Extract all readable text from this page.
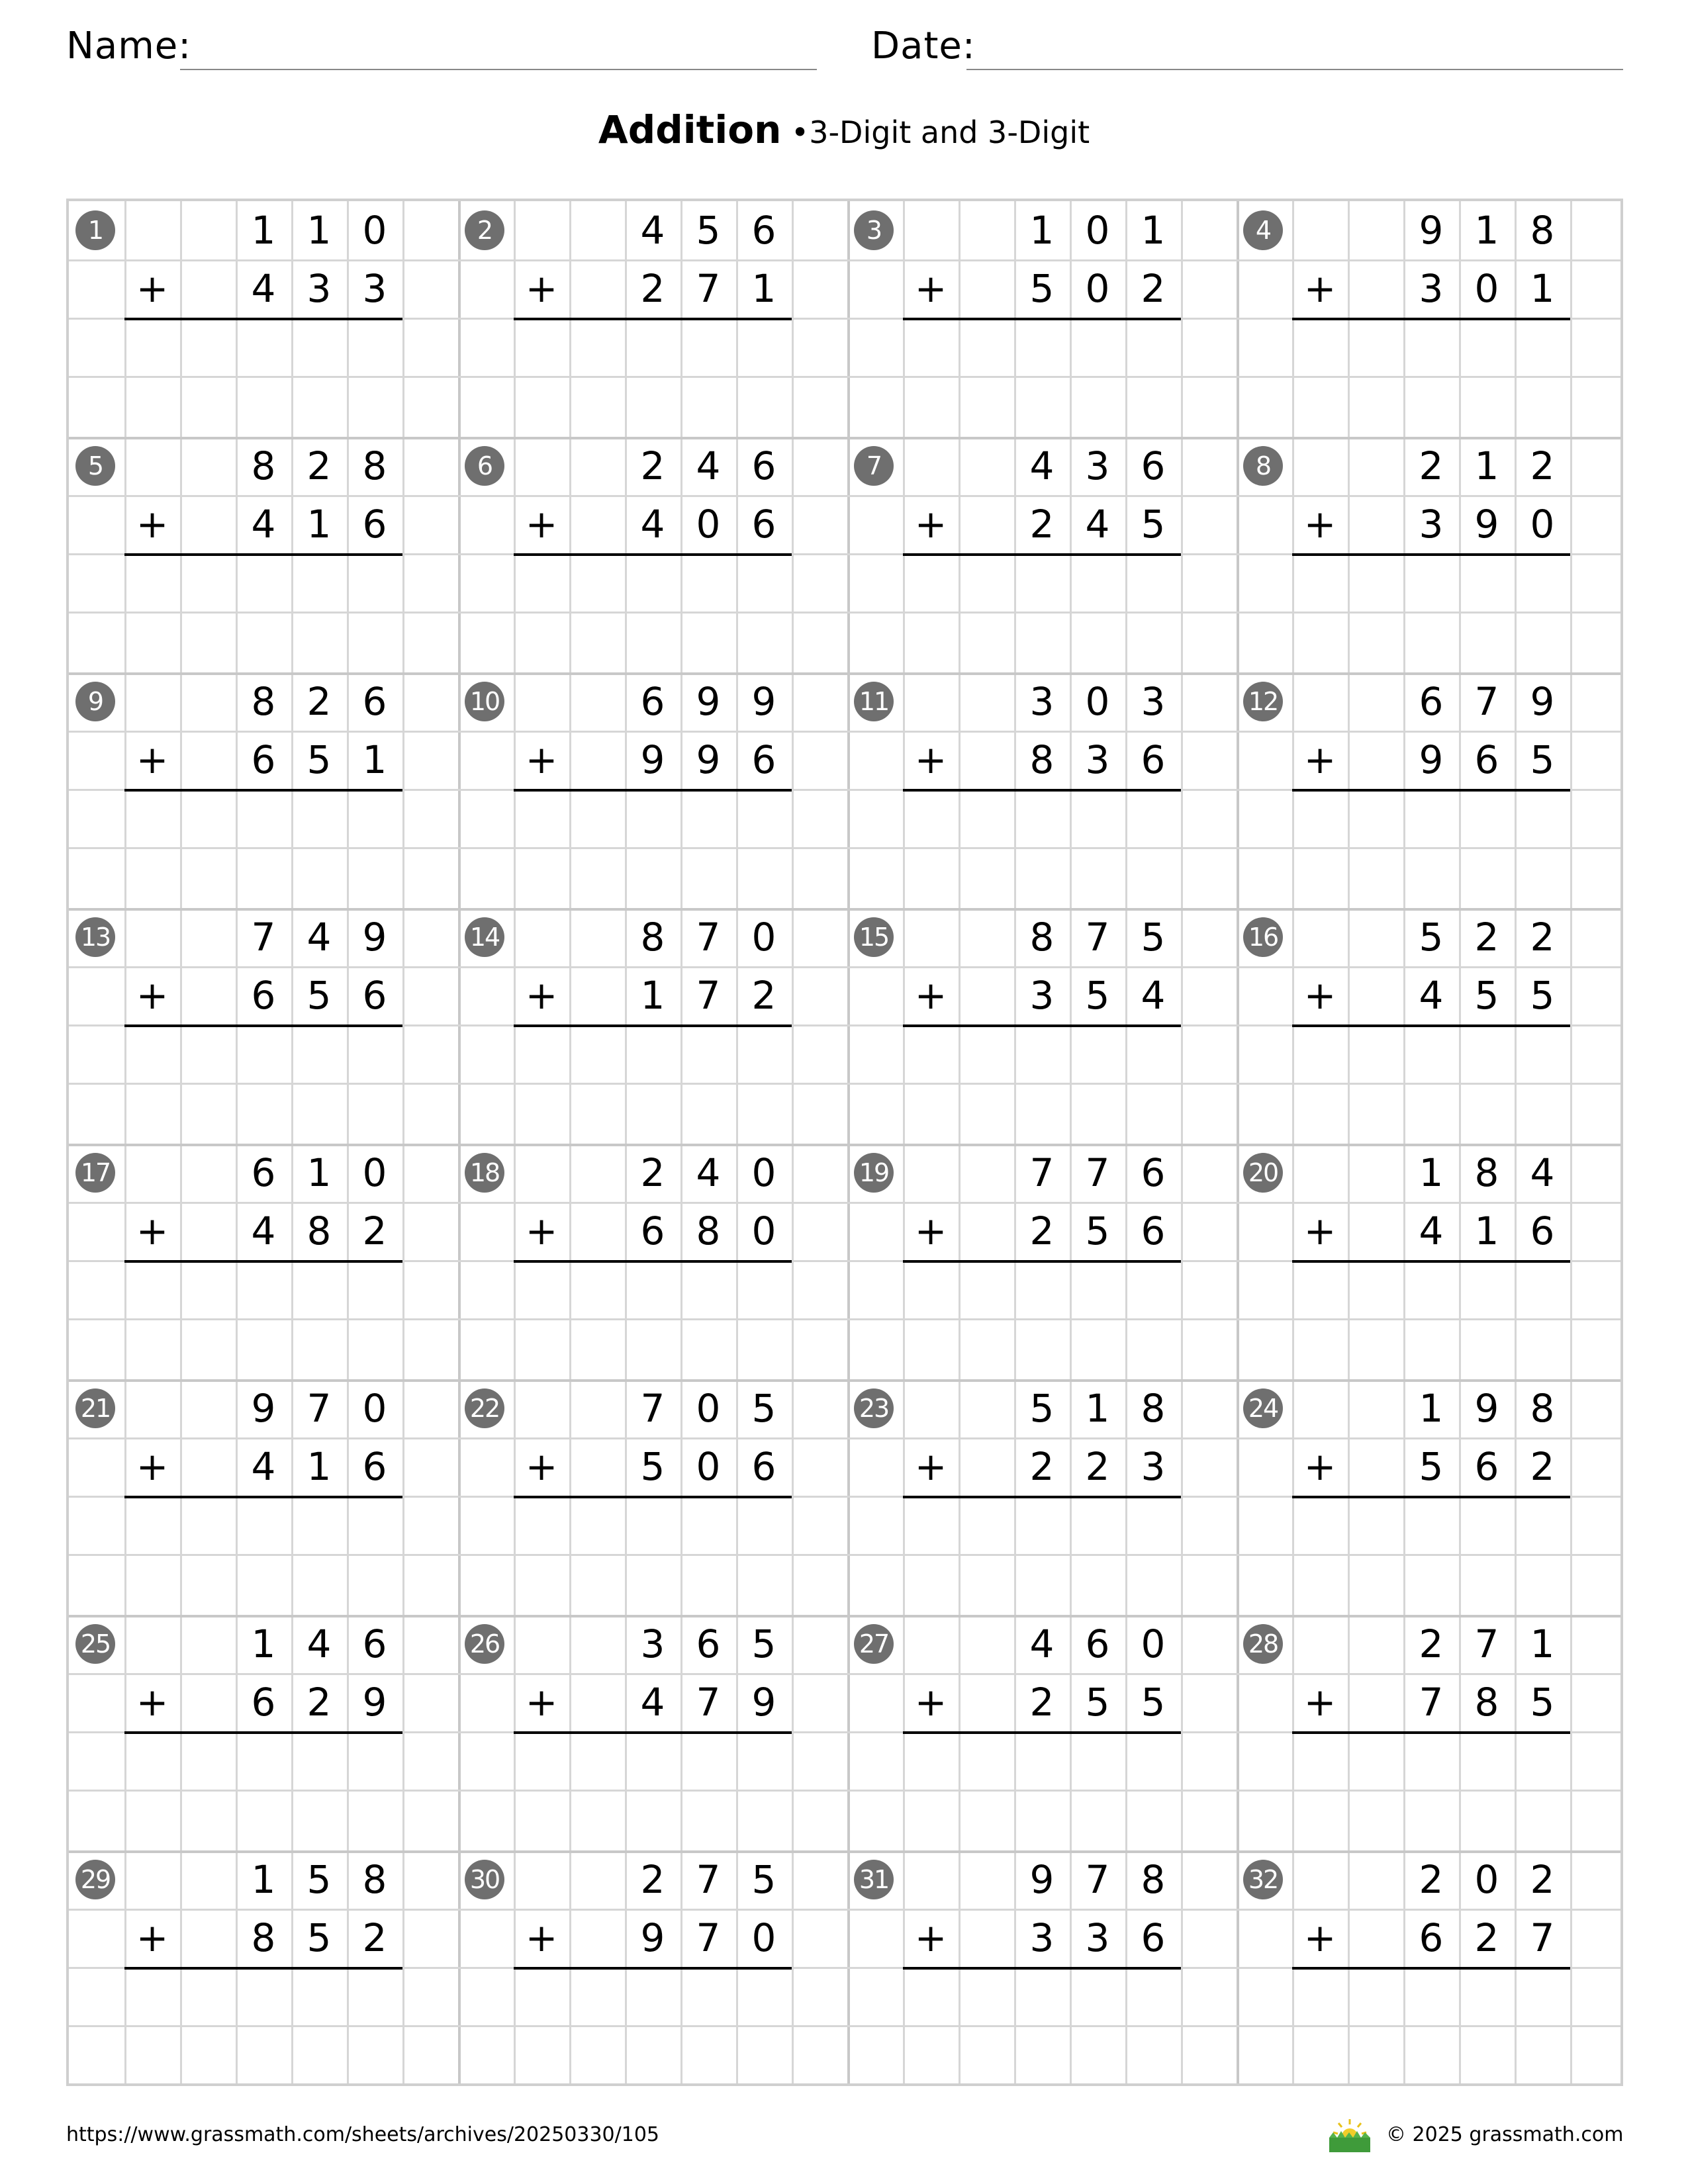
Name:	Date:
Addition •3-Digit and 3-Digit
1	1 1 0
+	4 3 3
2	4 5 6
+	2 7 1
3	1 0 1
+	5 0 2
4	9 1 8
+	3 0 1
5	8 2 8
+	4 1 6
6	2 4 6
+	4 0 6
7	4 3 6
+	2 4 5
8	2 1 2
+	3 9 0
9	8 2 6
+	6 5 1
10	6 9 9
+	9 9 6
11	3 0 3
+	8 3 6
12	6 7 9
+	9 6 5
13	7 4 9
+	6 5 6
14	8 7 0
+	1 7 2
15	8 7 5
+	3 5 4
16	5 2 2
+	4 5 5
17	6 1 0
+	4 8 2
18	2 4 0
+	6 8 0
19	7 7 6
+	2 5 6
20	1 8 4
+	4 1 6
21	9 7 0
+	4 1 6
22	7 0 5
+	5 0 6
23	5 1 8
+	2 2 3
24	1 9 8
+	5 6 2
25	1 4 6
+	6 2 9
26	3 6 5
+	4 7 9
27	4 6 0
+	2 5 5
28	2 7 1
+	7 8 5
29	1 5 8
+	8 5 2
30	2 7 5
+	9 7 0
31	9 7 8
+	3 3 6
32	2 0 2
+	6 2 7
https://www.grassmath.com/sheets/archives/20250330/105	© 2025 grassmath.com
